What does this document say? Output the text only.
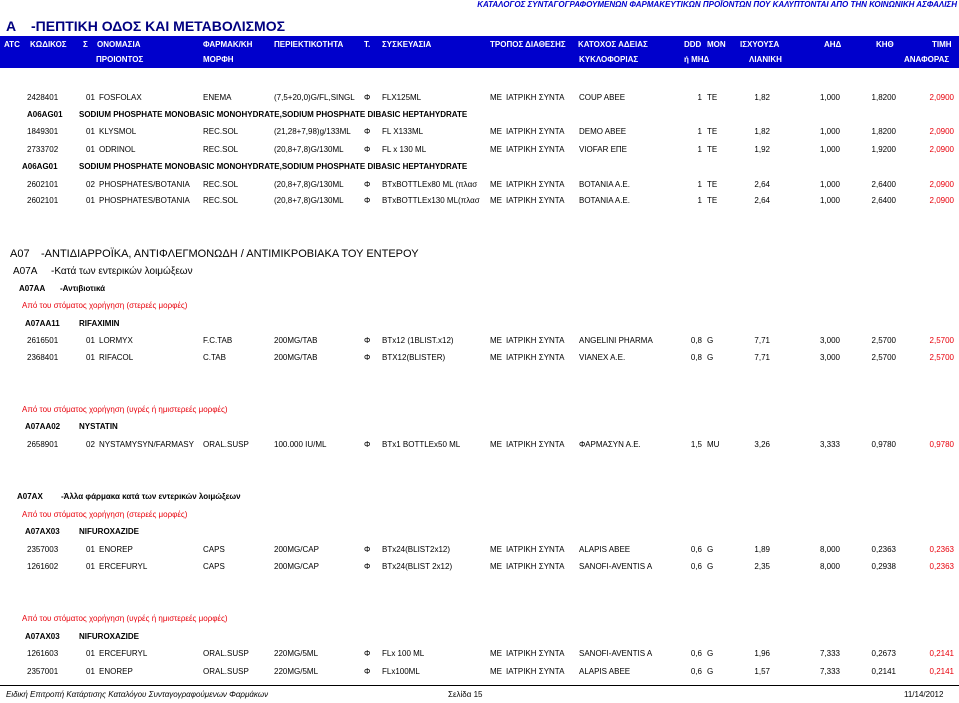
ΚΑΤΑΛΟΓΟΣ ΣΥΝΤΑΓΟΓΡΑΦΟΥΜΕΝΩΝ ΦΑΡΜΑΚΕΥΤΙΚΩΝ ΠΡΟΪΟΝΤΩΝ ΠΟΥ ΚΑΛΥΠΤΟΝΤΑΙ ΑΠΟ ΤΗΝ ΚΟΙΝΩΝΙΚΗ ΑΣΦΑΛΙΣΗ
A -ΠΕΠΤΙΚΗ ΟΔΟΣ ΚΑΙ ΜΕΤΑΒΟΛΙΣΜΟΣ
ATC ΚΩΔΙΚΟΣ Σ ΟΝΟΜΑΣΙΑ	ΦΑΡΜΑΚ/ΚΗ	ΠΕΡΙΕΚΤΙΚΟΤΗΤΑ	Τ. ΣΥΣΚΕΥΑΣΙΑ	ΤΡΟΠΟΣ ΔΙΑΘΕΣΗΣ ΚΑΤΟΧΟΣ ΑΔΕΙΑΣ	DDD MON ΙΣΧΥΟΥΣΑ	ΑΗΔ	ΚΗΘ	ΤΙΜΗ
ΠΡΟΙΟΝΤΟΣ	ΜΟΡΦΗ	ΚΥΚΛΟΦΟΡΙΑΣ	ή ΜΗΔ	ΛΙΑΝΙΚΗ	ΑΝΑΦΟΡΑΣ
2428401	01 FOSFOLAX	ENEMA	(7,5+20,0)G/FL,SINGL	Φ FLX125ML	ΜΕ ΙΑΤΡΙΚΗ ΣΥΝΤΑ COUP ABEE	1 TE	1,82	1,000	1,8200	2,0900
A06AG01 SODIUM PHOSPHATE MONOBASIC MONOHYDRATE,SODIUM PHOSPHATE DIBASIC HEPTAHYDRATE
1849301	01 KLYSMOL	REC.SOL	(21,28+7,98)g/133ML	Φ FL X133ML	ΜΕ ΙΑΤΡΙΚΗ ΣΥΝΤΑ DEMO ABEE	1 TE	1,82	1,000	1,8200	2,0900
2733702	01 ODRINOL	REC.SOL	(20,8+7,8)G/130ML	Φ FL x 130 ML	ΜΕ ΙΑΤΡΙΚΗ ΣΥΝΤΑ VIOFAR ΕΠΕ	1 TE	1,92	1,000	1,9200	2,0900
A06AG01	SODIUM PHOSPHATE MONOBASIC MONOHYDRATE,SODIUM PHOSPHATE DIBASIC HEPTAHYDRATE
2602101	02 PHOSPHATES/BOTANIA	REC.SOL	(20,8+7,8)G/130ML	Φ BTxBOTTLEx80 ML (πλασ	ΜΕ ΙΑΤΡΙΚΗ ΣΥΝΤΑ BOTANIA A.E.	1 TE	2,64	1,000	2,6400	2,0900
2602101	01 PHOSPHATES/BOTANIA	REC.SOL	(20,8+7,8)G/130ML	Φ BTxBOTTLEx130 ML(πλασ	ΜΕ ΙΑΤΡΙΚΗ ΣΥΝΤΑ BOTANIA A.E.	1 TE	2,64	1,000	2,6400	2,0900
A07 -ΑΝΤΙΔΙΑΡΡΟΪΚΑ, ΑΝΤΙΦΛΕΓΜΟΝΩΔΗ / ΑΝΤΙΜΙΚΡΟΒΙΑΚΑ ΤΟΥ ΕΝΤΕΡΟΥ
A07A -Κατά των εντερικών λοιμώξεων
A07AA -Αντιβιοτικά
Από του στόματος χορήγηση (στερεές μορφές)
A07AA11 RIFAXIMIN
2616501	01 LORMYX	F.C.TAB	200MG/TAB	Φ BTx12 (1BLIST.x12)	ΜΕ ΙΑΤΡΙΚΗ ΣΥΝΤΑ ANGELINI PHARMA	0,8 G	7,71	3,000	2,5700	2,5700
2368401	01 RIFACOL	C.TAB	200MG/TAB	Φ BTX12(BLISTER)	ΜΕ ΙΑΤΡΙΚΗ ΣΥΝΤΑ VIANEX A.E.	0,8 G	7,71	3,000	2,5700	2,5700
Από του στόματος χορήγηση (υγρές ή ημιστερεές μορφές)
A07AA02 NYSTATIN
2658901	02 NYSTAMYSYN/FARMASY	ORAL.SUSP	100.000 IU/ML	Φ BTx1 BOTTLEx50 ML	ΜΕ ΙΑΤΡΙΚΗ ΣΥΝΤΑ ΦΑΡΜΑΣΥΝ Α.Ε.	1,5 MU	3,26	3,333	0,9780	0,9780
A07AX -Άλλα φάρμακα κατά των εντερικών λοιμώξεων
Από του στόματος χορήγηση (στερεές μορφές)
A07AX03 NIFUROXAZIDE
2357003	01 ENOREP	CAPS	200MG/CAP	Φ BTx24(BLIST2x12)	ΜΕ ΙΑΤΡΙΚΗ ΣΥΝΤΑ ALAPIS ABEE	0,6 G	1,89	8,000	0,2363	0,2363
1261602	01 ERCEFURYL	CAPS	200MG/CAP	Φ BTx24(BLIST 2x12)	ΜΕ ΙΑΤΡΙΚΗ ΣΥΝΤΑ SANOFI-AVENTIS A	0,6 G	2,35	8,000	0,2938	0,2363
Από του στόματος χορήγηση (υγρές ή ημιστερεές μορφές)
A07AX03 NIFUROXAZIDE
1261603	01 ERCEFURYL	ORAL.SUSP	220MG/5ML	Φ FLx 100 ML	ΜΕ ΙΑΤΡΙΚΗ ΣΥΝΤΑ SANOFI-AVENTIS A	0,6 G	1,96	7,333	0,2673	0,2141
2357001	01 ENOREP	ORAL.SUSP	220MG/5ML	Φ FLx100ML	ΜΕ ΙΑΤΡΙΚΗ ΣΥΝΤΑ ALAPIS ABEE	0,6 G	1,57	7,333	0,2141	0,2141
Ειδική Επιτροπή Κατάρτισης Καταλόγου Συνταγογραφούμενων Φαρμάκων	Σελίδα 15	11/14/2012
